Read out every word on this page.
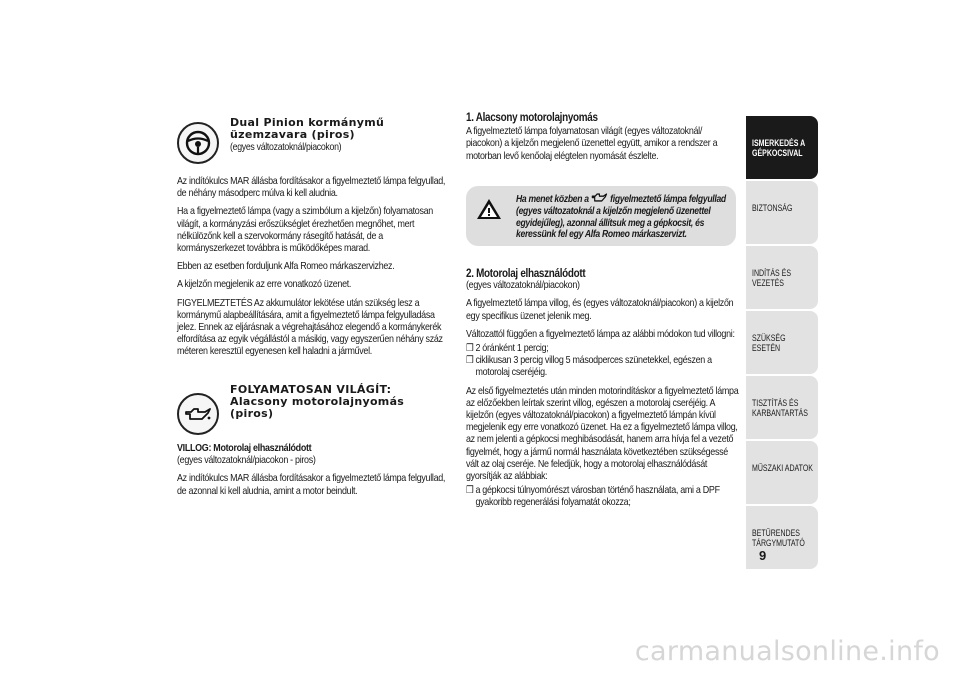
Dual Pinion kormánymű
üzemzavara (piros)
(egyes változatoknál/piacokon)

Az indítókulcs MAR állásba fordításakor a figyelmeztető lámpa felgyullad, de néhány másodperc múlva ki kell aludnia.

Ha a figyelmeztető lámpa (vagy a szimbólum a kijelzőn) folyamatosan világít, a kormányzási erőszükséglet érezhetően megnőhet, mert nélkülözőnk kell a szervokormány rásegítő hatását, de a kormányszerkezet továbbra is működőképes marad.

Ebben az esetben forduljunk Alfa Romeo márkaszervizhez.

A kijelzőn megjelenik az erre vonatkozó üzenet.

FIGYELMEZTETÉS Az akkumulátor lekötése után szükség lesz a kormánymű alapbeállítására, amit a figyelmeztető lámpa felgyulladása jelez. Ennek az eljárásnak a végrehajtásához elegendő a kormánykerék elfordítása az egyik végállástól a másikig, vagy egyszerűen néhány száz méteren keresztül egyenesen kell haladni a járművel.

FOLYAMATOSAN VILÁGÍT:
Alacsony motorolajnyomás
(piros)
VILLOG: Motorolaj elhasználódott
(egyes változatoknál/piacokon - piros)

Az indítókulcs MAR állásba fordításakor a figyelmeztető lámpa felgyullad, de azonnal ki kell aludnia, amint a motor beindult.

1. Alacsony motorolajnyomás

A figyelmeztető lámpa folyamatosan világít (egyes változatoknál/ piacokon) a kijelzőn megjelenő üzenettel együtt, amikor a rendszer a motorban levő kenőolaj elégtelen nyomását észlelte.

Ha menet közben a figyelmeztető lámpa felgyullad (egyes változatoknál a kijelzőn megjelenő üzenettel egyidejűleg), azonnal állítsuk meg a gépkocsit, és keressünk fel egy Alfa Romeo márkaszervizt.
2. Motorolaj elhasználódott
(egyes változatoknál/piacokon)

A figyelmeztető lámpa villog, és (egyes változatoknál/piacokon) a kijelzőn egy specifikus üzenet jelenik meg.

Változattól függően a figyelmeztető lámpa az alábbi módokon tud villogni:

❒ 2 óránként 1 percig;
❒ ciklikusan 3 percig villog 5 másodperces szünetekkel, egészen a motorolaj cseréjéig.

Az első figyelmeztetés után minden motorindításkor a figyelmeztető lámpa az előzőekben leírtak szerint villog, egészen a motorolaj cseréjéig. A kijelzőn (egyes változatoknál/piacokon) a figyelmeztető lámpán kívül megjelenik egy erre vonatkozó üzenet. Ha ez a figyelmeztető lámpa villog, az nem jelenti a gépkocsi meghibásodását, hanem arra hívja fel a vezető figyelmét, hogy a jármű normál használata következtében szükségessé vált az olaj cseréje. Ne feledjük, hogy a motorolaj elhasználódását gyorsítják az alábbiak:

❒ a gépkocsi túlnyomórészt városban történő használata, ami a DPF gyakoribb regenerálási folyamatát okozza;
ISMERKEDÉS A GÉPKOCSIVAL
BIZTONSÁG
INDÍTÁS ÉS VEZETÉS
SZÜKSÉG ESETÉN
TISZTÍTÁS ÉS KARBANTARTÁS
MŰSZAKI ADATOK
BETŰRENDES TÁRGYMUTATÓ
9
carmanualsonline.info
